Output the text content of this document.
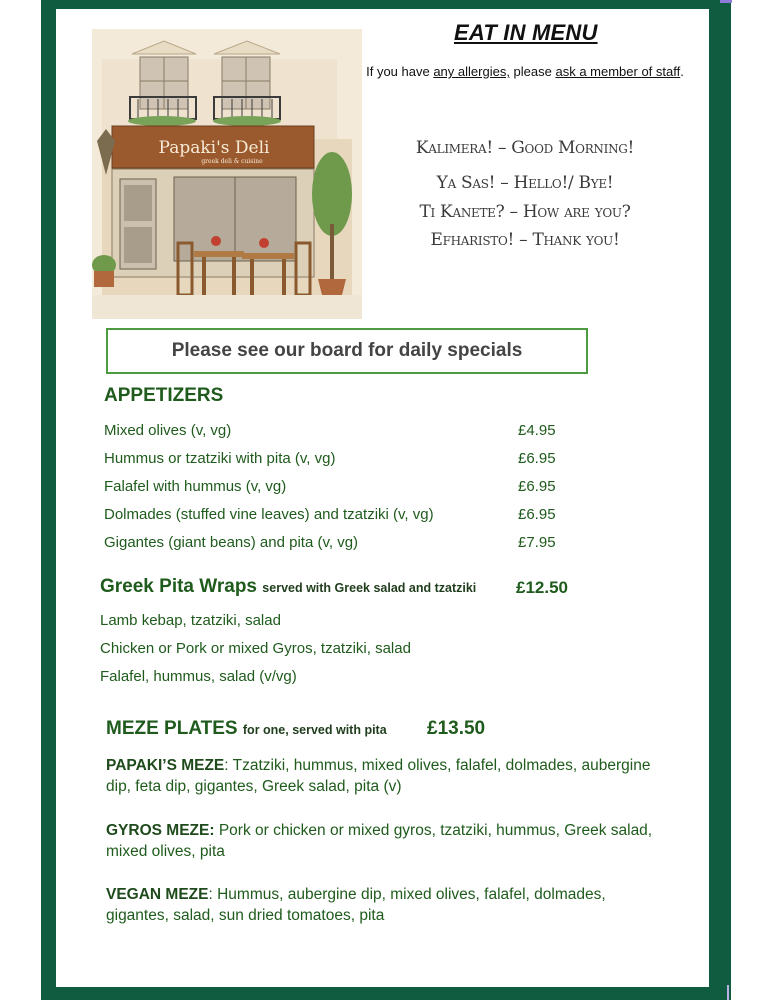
Papaki's Deli
greek deli & cuisine
EAT IN MENU
If you have any allergies, please ask a member of staff.
Kalimera! – Good Morning!
Ya Sas! – Hello!/ Bye!
Ti Kanete? – How are you?
Efharisto! – Thank you!
Please see our board for daily specials
APPETIZERS
Mixed olives (v, vg)	£4.95
Hummus or tzatziki with pita (v, vg)	£6.95
Falafel with hummus (v, vg)	£6.95
Dolmades (stuffed vine leaves) and tzatziki (v, vg)	£6.95
Gigantes (giant beans) and pita (v, vg)	£7.95
Greek Pita Wraps served with Greek salad and tzatziki £12.50
Lamb kebap, tzatziki, salad
Chicken or Pork or mixed Gyros, tzatziki, salad
Falafel, hummus, salad (v/vg)
MEZE PLATES for one, served with pita £13.50
PAPAKI’S MEZE: Tzatziki, hummus, mixed olives, falafel, dolmades, aubergine dip, feta dip, gigantes, Greek salad, pita (v)
GYROS MEZE: Pork or chicken or mixed gyros, tzatziki, hummus, Greek salad, mixed olives, pita
VEGAN MEZE: Hummus, aubergine dip, mixed olives, falafel, dolmades, gigantes, salad, sun dried tomatoes, pita
